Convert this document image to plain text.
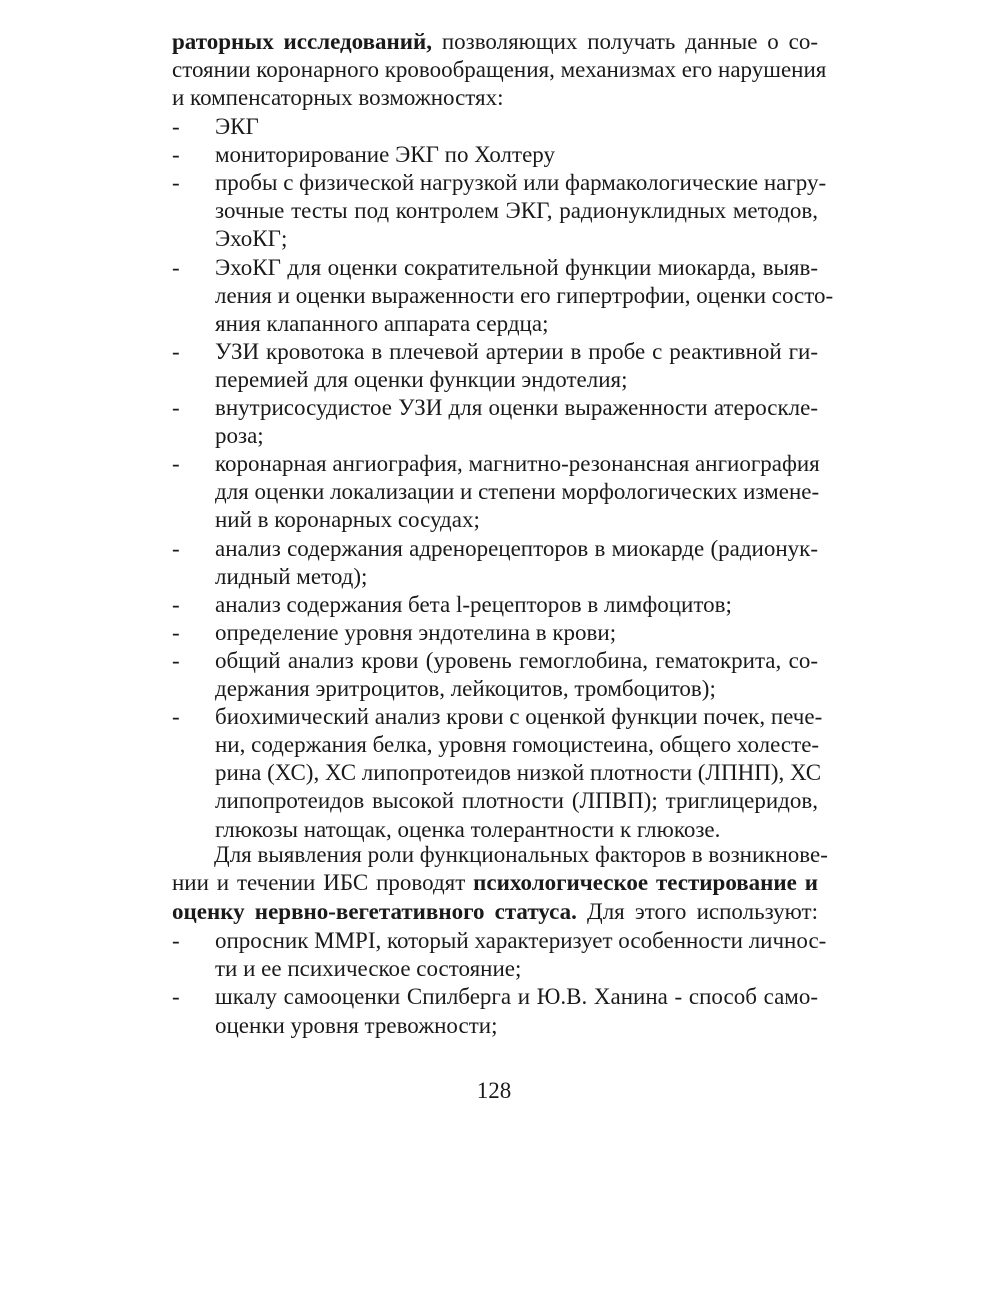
раторных исследований, позволяющих получать данные о со-
стоянии коронарного кровообращения, механизмах его нарушения
и компенсаторных возможностях:
- ЭКГ
- мониторирование ЭКГ по Холтеру
- пробы с физической нагрузкой или фармакологические нагру-
зочные тесты под контролем ЭКГ, радионуклидных методов,
ЭхоКГ;
- ЭхоКГ для оценки сократительной функции миокарда, выяв-
ления и оценки выраженности его гипертрофии, оценки состо-
яния клапанного аппарата сердца;
- УЗИ кровотока в плечевой артерии в пробе с реактивной ги-
перемией для оценки функции эндотелия;
- внутрисосудистое УЗИ для оценки выраженности атероскле-
роза;
- коронарная ангиография, магнитно-резонансная ангиография
для оценки локализации и степени морфологических измене-
ний в коронарных сосудах;
- анализ содержания адренорецепторов в миокарде (радионук-
лидный метод);
- анализ содержания бета l-рецепторов в лимфоцитов;
- определение уровня эндотелина в крови;
- общий анализ крови (уровень гемоглобина, гематокрита, со-
держания эритроцитов, лейкоцитов, тромбоцитов);
- биохимический анализ крови с оценкой функции почек, пече-
ни, содержания белка, уровня гомоцистеина, общего холесте-
рина (ХС), ХС липопротеидов низкой плотности (ЛПНП), ХС
липопротеидов высокой плотности (ЛПВП); триглицеридов,
глюкозы натощак, оценка толерантности к глюкозе.
Для выявления роли функциональных факторов в возникнове-
нии и течении ИБС проводят психологическое тестирование и
оценку нервно-вегетативного статуса. Для этого используют:
- опросник MMPI, который характеризует особенности личнос-
ти и ее психическое состояние;
- шкалу самооценки Спилберга и Ю.В. Ханина - способ само-
оценки уровня тревожности;
128
